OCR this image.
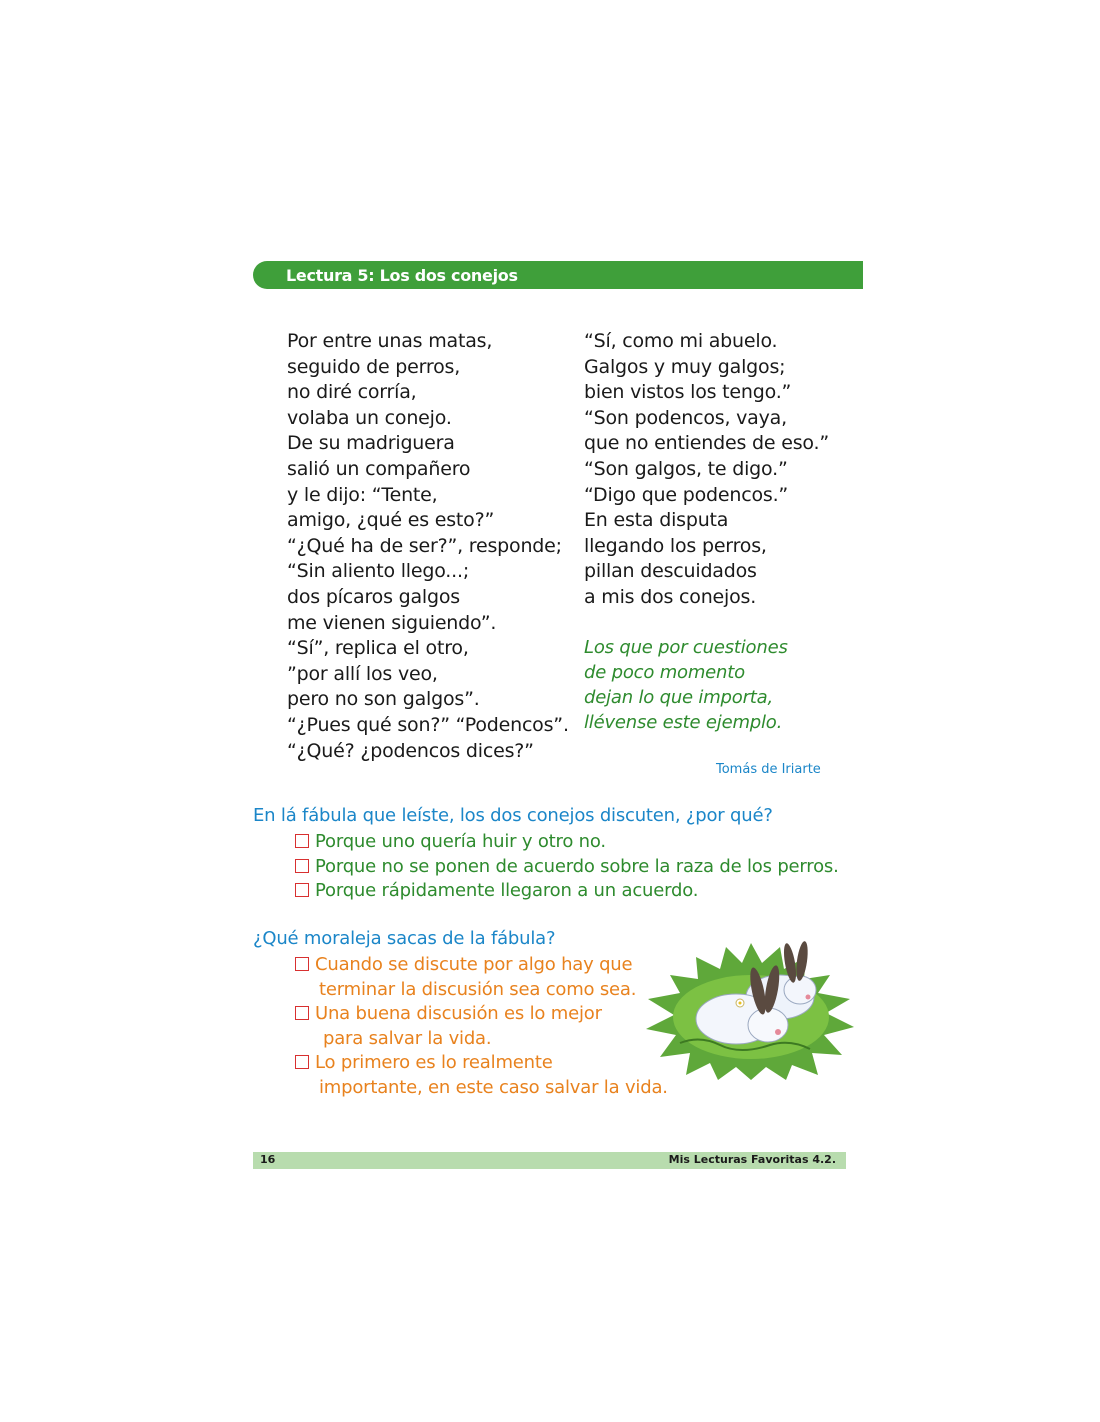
Lectura 5: Los dos conejos
Por entre unas matas,
seguido de perros,
no diré corría,
volaba un conejo.
De su madriguera
salió un compañero
y le dijo: “Tente,
amigo, ¿qué es esto?”
“¿Qué ha de ser?”, responde;
“Sin aliento llego...;
dos pícaros galgos
me vienen siguiendo”.
“Sí”, replica el otro,
”por allí los veo,
pero no son galgos”.
“¿Pues qué son?” “Podencos”.
“¿Qué? ¿podencos dices?”
“Sí, como mi abuelo.
Galgos y muy galgos;
bien vistos los tengo.”
“Son podencos, vaya,
que no entiendes de eso.”
“Son galgos, te digo.”
“Digo que podencos.”
En esta disputa
llegando los perros,
pillan descuidados
a mis dos conejos.
Los que por cuestiones
de poco momento
dejan lo que importa,
llévense este ejemplo.
Tomás de Iriarte
En lá fábula que leíste, los dos conejos discuten, ¿por qué?
Porque uno quería huir y otro no.
Porque no se ponen de acuerdo sobre la raza de los perros.
Porque rápidamente llegaron a un acuerdo.
¿Qué moraleja sacas de la fábula?
Cuando se discute por algo hay que
terminar la discusión sea como sea.
Una buena discusión es lo mejor
para salvar la vida.
Lo primero es lo realmente
importante, en este caso salvar la vida.
16	Mis Lecturas Favoritas 4.2.
